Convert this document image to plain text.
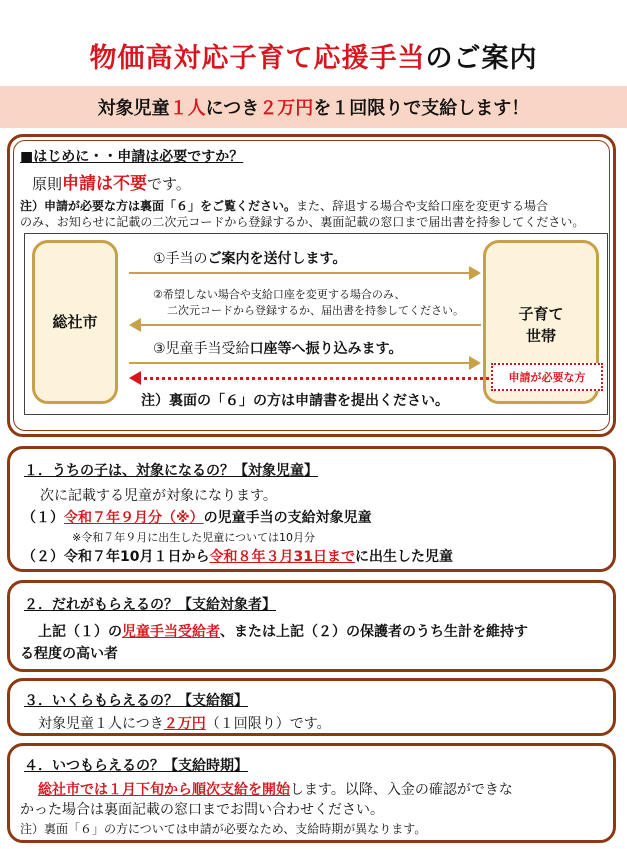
物価高対応子育て応援手当のご案内
対象児童１人につき２万円を１回限りで支給します！
■はじめに・・申請は必要ですか？
原則申請は不要です。
注）申請が必要な方は裏面「６」をご覧ください。また、辞退する場合や支給口座を変更する場合
のみ、お知らせに記載の二次元コードから登録するか、裏面記載の窓口まで届出書を持参してください。
総社市	子育て
世帯
①手当のご案内を送付します。
②希望しない場合や支給口座を変更する場合のみ、
二次元コードから登録するか、届出書を持参してください。
③児童手当受給口座等へ振り込みます。
申請が必要な方
注）裏面の「６」の方は申請書を提出ください。
１．うちの子は、対象になるの？【対象児童】
次に記載する児童が対象になります。
（１）令和７年９月分（※）の児童手当の支給対象児童
※令和７年９月に出生した児童については10月分
（２）令和７年10月１日から令和８年３月31日までに出生した児童
２．だれがもらえるの？【支給対象者】
上記（１）の児童手当受給者、または上記（２）の保護者のうち生計を維持す
る程度の高い者
３．いくらもらえるの？【支給額】
対象児童１人につき２万円（１回限り）です。
４．いつもらえるの？【支給時期】
総社市では１月下旬から順次支給を開始します。以降、入金の確認ができな
かった場合は裏面記載の窓口までお問い合わせください。
注）裏面「６」の方については申請が必要なため、支給時期が異なります。
